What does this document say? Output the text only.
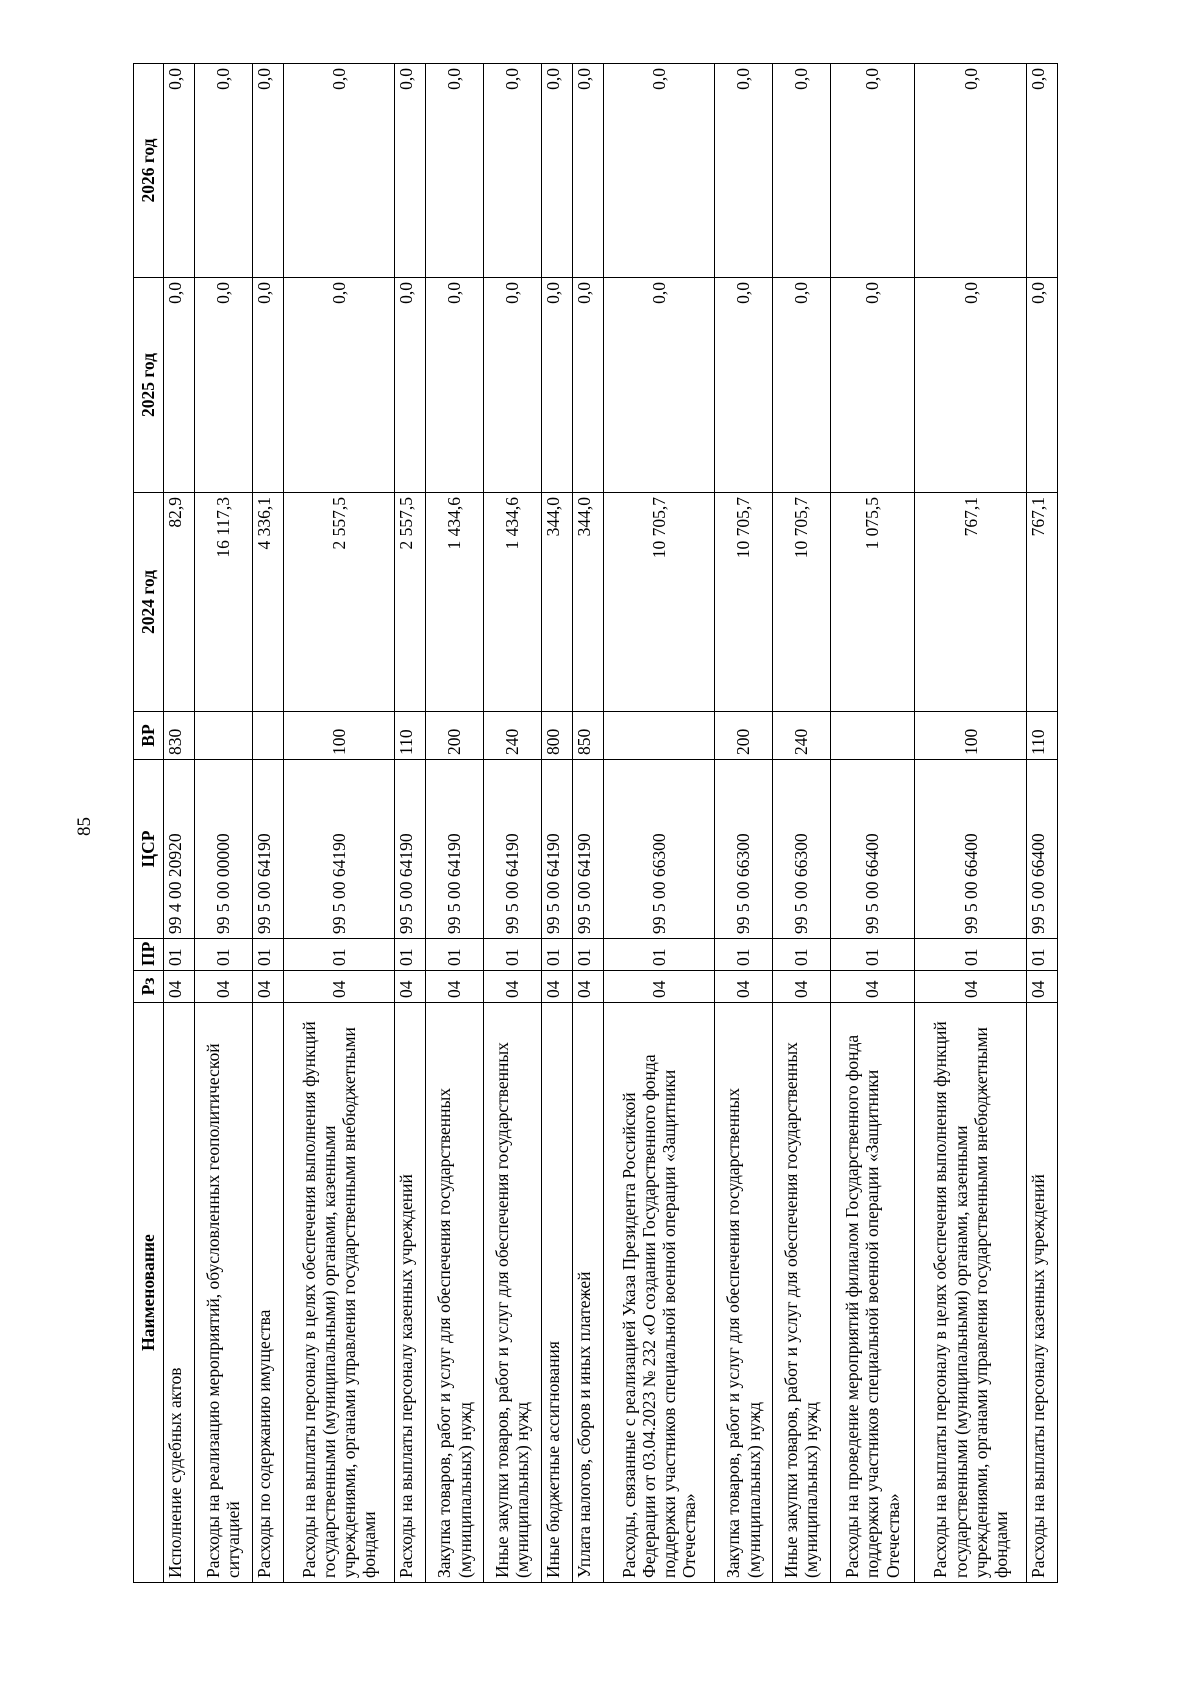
85
Наименование	Рз	ПР	ЦСР	ВР	2024 год	2025 год	2026 год
Исполнение судебных актов	04	01	99 4 00 20920	830	82,9	0,0	0,0
Расходы на реализацию мероприятий, обусловленных геополитической ситуацией	04	01	99 5 00 00000		16 117,3	0,0	0,0
Расходы по содержанию имущества	04	01	99 5 00 64190		4 336,1	0,0	0,0
Расходы на выплаты персоналу в целях обеспечения выполнения функций государственными (муниципальными) органами, казенными учреждениями, органами управления государственными внебюджетными фондами	04	01	99 5 00 64190	100	2 557,5	0,0	0,0
Расходы на выплаты персоналу казенных учреждений	04	01	99 5 00 64190	110	2 557,5	0,0	0,0
Закупка товаров, работ и услуг для обеспечения государственных (муниципальных) нужд	04	01	99 5 00 64190	200	1 434,6	0,0	0,0
Иные закупки товаров, работ и услуг для обеспечения государственных (муниципальных) нужд	04	01	99 5 00 64190	240	1 434,6	0,0	0,0
Иные бюджетные ассигнования	04	01	99 5 00 64190	800	344,0	0,0	0,0
Уплата налогов, сборов и иных платежей	04	01	99 5 00 64190	850	344,0	0,0	0,0
Расходы, связанные с реализацией Указа Президента Российской Федерации от 03.04.2023 № 232 «О создании Государственного фонда поддержки участников специальной военной операции «Защитники Отечества»	04	01	99 5 00 66300		10 705,7	0,0	0,0
Закупка товаров, работ и услуг для обеспечения государственных (муниципальных) нужд	04	01	99 5 00 66300	200	10 705,7	0,0	0,0
Иные закупки товаров, работ и услуг для обеспечения государственных (муниципальных) нужд	04	01	99 5 00 66300	240	10 705,7	0,0	0,0
Расходы на проведение мероприятий филиалом Государственного фонда поддержки участников специальной военной операции «Защитники Отечества»	04	01	99 5 00 66400		1 075,5	0,0	0,0
Расходы на выплаты персоналу в целях обеспечения выполнения функций государственными (муниципальными) органами, казенными учреждениями, органами управления государственными внебюджетными фондами	04	01	99 5 00 66400	100	767,1	0,0	0,0
Расходы на выплаты персоналу казенных учреждений	04	01	99 5 00 66400	110	767,1	0,0	0,0
